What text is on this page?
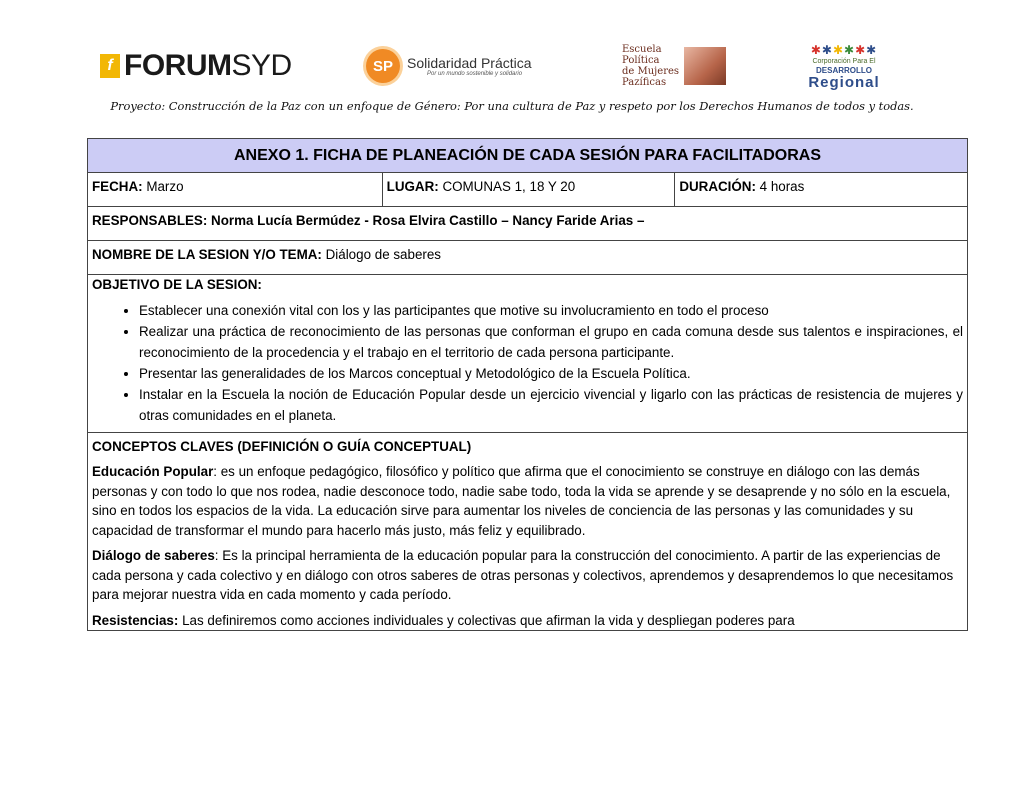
f FORUM SYD	SP	Solidaridad Práctica
Por un mundo sostenible y solidario
Escuela Política
de Mujeres
Pazíficas
✱✱✱✱✱✱
Corporación Para El
DESARROLLO
Regional
Proyecto: Construcción de la Paz con un enfoque de Género: Por una cultura de Paz y respeto por los Derechos Humanos de todos y todas.
ANEXO 1. FICHA DE PLANEACIÓN DE CADA SESIÓN PARA FACILITADORAS
FECHA: Marzo	LUGAR: COMUNAS 1, 18 Y 20	DURACIÓN: 4 horas
RESPONSABLES: Norma Lucía Bermúdez - Rosa Elvira Castillo – Nancy Faride Arias –
NOMBRE DE LA SESION Y/O TEMA: Diálogo de saberes
OBJETIVO DE LA SESION:
• Establecer una conexión vital con los y las participantes que motive su involucramiento en todo el proceso
• Realizar una práctica de reconocimiento de las personas que conforman el grupo en cada comuna desde sus talentos e inspiraciones, el reconocimiento de la procedencia y el trabajo en el territorio de cada persona participante.
• Presentar las generalidades de los Marcos conceptual y Metodológico de la Escuela Política.
• Instalar en la Escuela la noción de Educación Popular desde un ejercicio vivencial y ligarlo con las prácticas de resistencia de mujeres y otras comunidades en el planeta.

CONCEPTOS CLAVES (DEFINICIÓN O GUÍA CONCEPTUAL)

Educación Popular: es un enfoque pedagógico, filosófico y político que afirma que el conocimiento se construye en diálogo con las demás personas y con todo lo que nos rodea, nadie desconoce todo, nadie sabe todo, toda la vida se aprende y se desaprende y no sólo en la escuela, sino en todos los espacios de la vida. La educación sirve para aumentar los niveles de conciencia de las personas y las comunidades y su capacidad de transformar el mundo para hacerlo más justo, más feliz y equilibrado.

Diálogo de saberes: Es la principal herramienta de la educación popular para la construcción del conocimiento. A partir de las experiencias de cada persona y cada colectivo y en diálogo con otros saberes de otras personas y colectivos, aprendemos y desaprendemos lo que necesitamos para mejorar nuestra vida en cada momento y cada período.

Resistencias: Las definiremos como acciones individuales y colectivas que afirman la vida y despliegan poderes para
